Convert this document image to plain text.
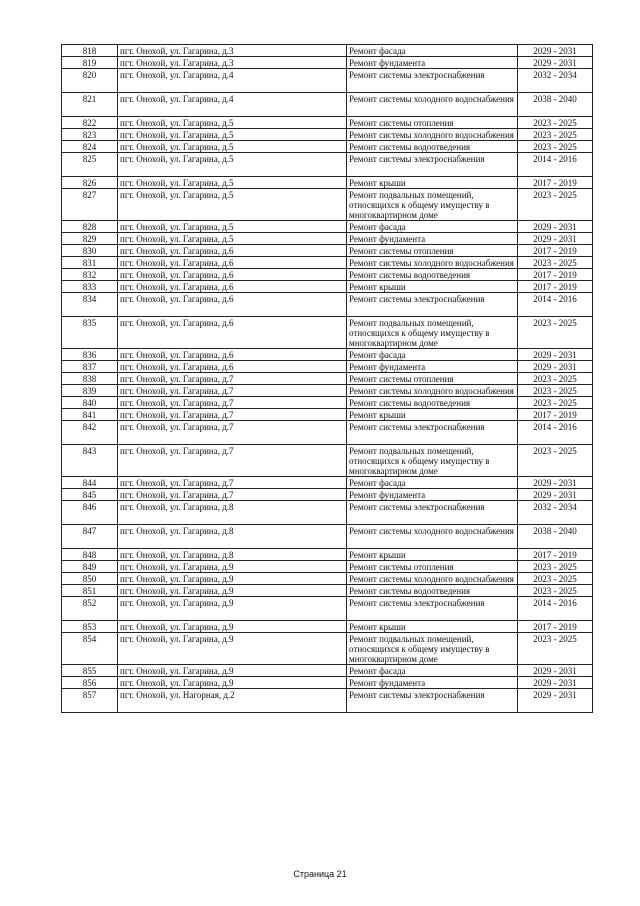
818	пгт. Онохой, ул. Гагарина, д.3	Ремонт фасада	2029 - 2031
819	пгт. Онохой, ул. Гагарина, д.3	Ремонт фундамента	2029 - 2031
820	пгт. Онохой, ул. Гагарина, д.4	Ремонт системы электроснабжения	2032 - 2034
821	пгт. Онохой, ул. Гагарина, д.4	Ремонт системы холодного водоснабжения	2038 - 2040
822	пгт. Онохой, ул. Гагарина, д.5	Ремонт системы отопления	2023 - 2025
823	пгт. Онохой, ул. Гагарина, д.5	Ремонт системы холодного водоснабжения	2023 - 2025
824	пгт. Онохой, ул. Гагарина, д.5	Ремонт системы водоотведения	2023 - 2025
825	пгт. Онохой, ул. Гагарина, д.5	Ремонт системы электроснабжения	2014 - 2016
826	пгт. Онохой, ул. Гагарина, д.5	Ремонт крыши	2017 - 2019
827	пгт. Онохой, ул. Гагарина, д.5	Ремонт подвальных помещений, относящихся к общему имуществу в многоквартирном доме	2023 - 2025
828	пгт. Онохой, ул. Гагарина, д.5	Ремонт фасада	2029 - 2031
829	пгт. Онохой, ул. Гагарина, д.5	Ремонт фундамента	2029 - 2031
830	пгт. Онохой, ул. Гагарина, д.6	Ремонт системы отопления	2017 - 2019
831	пгт. Онохой, ул. Гагарина, д.6	Ремонт системы холодного водоснабжения	2023 - 2025
832	пгт. Онохой, ул. Гагарина, д.6	Ремонт системы водоотведения	2017 - 2019
833	пгт. Онохой, ул. Гагарина, д.6	Ремонт крыши	2017 - 2019
834	пгт. Онохой, ул. Гагарина, д.6	Ремонт системы электроснабжения	2014 - 2016
835	пгт. Онохой, ул. Гагарина, д.6	Ремонт подвальных помещений, относящихся к общему имуществу в многоквартирном доме	2023 - 2025
836	пгт. Онохой, ул. Гагарина, д.6	Ремонт фасада	2029 - 2031
837	пгт. Онохой, ул. Гагарина, д.6	Ремонт фундамента	2029 - 2031
838	пгт. Онохой, ул. Гагарина, д.7	Ремонт системы отопления	2023 - 2025
839	пгт. Онохой, ул. Гагарина, д.7	Ремонт системы холодного водоснабжения	2023 - 2025
840	пгт. Онохой, ул. Гагарина, д.7	Ремонт системы водоотведения	2023 - 2025
841	пгт. Онохой, ул. Гагарина, д.7	Ремонт крыши	2017 - 2019
842	пгт. Онохой, ул. Гагарина, д.7	Ремонт системы электроснабжения	2014 - 2016
843	пгт. Онохой, ул. Гагарина, д.7	Ремонт подвальных помещений, относящихся к общему имуществу в многоквартирном доме	2023 - 2025
844	пгт. Онохой, ул. Гагарина, д.7	Ремонт фасада	2029 - 2031
845	пгт. Онохой, ул. Гагарина, д.7	Ремонт фундамента	2029 - 2031
846	пгт. Онохой, ул. Гагарина, д.8	Ремонт системы электроснабжения	2032 - 2034
847	пгт. Онохой, ул. Гагарина, д.8	Ремонт системы холодного водоснабжения	2038 - 2040
848	пгт. Онохой, ул. Гагарина, д.8	Ремонт крыши	2017 - 2019
849	пгт. Онохой, ул. Гагарина, д.9	Ремонт системы отопления	2023 - 2025
850	пгт. Онохой, ул. Гагарина, д.9	Ремонт системы холодного водоснабжения	2023 - 2025
851	пгт. Онохой, ул. Гагарина, д.9	Ремонт системы водоотведения	2023 - 2025
852	пгт. Онохой, ул. Гагарина, д.9	Ремонт системы электроснабжения	2014 - 2016
853	пгт. Онохой, ул. Гагарина, д.9	Ремонт крыши	2017 - 2019
854	пгт. Онохой, ул. Гагарина, д.9	Ремонт подвальных помещений, относящихся к общему имуществу в многоквартирном доме	2023 - 2025
855	пгт. Онохой, ул. Гагарина, д.9	Ремонт фасада	2029 - 2031
856	пгт. Онохой, ул. Гагарина, д.9	Ремонт фундамента	2029 - 2031
857	пгт. Онохой, ул. Нагорная, д.2	Ремонт системы электроснабжения	2029 - 2031
Страница 21
